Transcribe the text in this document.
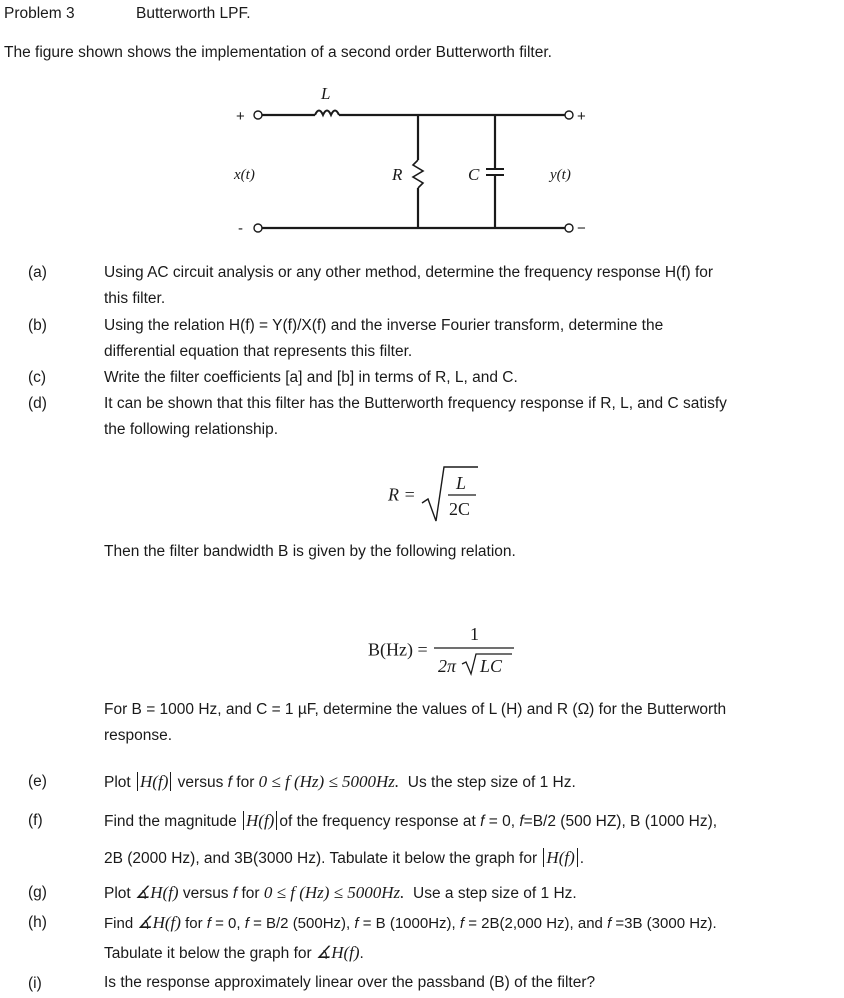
Problem 3	Butterworth LPF.
The figure shown shows the implementation of a second order Butterworth filter.
L
R	C
x(t)	y(t)
+	+
-	−
(a)	Using AC circuit analysis or any other method, determine the frequency response H(f) for
this filter.
(b)	Using the relation H(f) = Y(f)/X(f) and the inverse Fourier transform, determine the
differential equation that represents this filter.
(c)	Write the filter coefficients [a] and [b] in terms of R, L, and C.
(d)	It can be shown that this filter has the Butterworth frequency response if R, L, and C satisfy
the following relationship.
R =
L
2C
Then the filter bandwidth B is given by the following relation.
B(Hz) =
1
2π LC
For B = 1000 Hz, and C = 1 µF, determine the values of L (H) and R (Ω) for the Butterworth
response.
(e)	Plot H(f) versus f for 0 ≤ f (Hz) ≤ 5000Hz. Us the step size of 1 Hz.
(f)	Find the magnitude H(f) of the frequency response at f = 0, f=B/2 (500 HZ), B (1000 Hz),
2B (2000 Hz), and 3B(3000 Hz). Tabulate it below the graph for H(f) .
(g)	Plot ∡H(f) versus f for 0 ≤ f (Hz) ≤ 5000Hz. Use a step size of 1 Hz.
(h)	Find ∡H(f) for f = 0, f = B/2 (500Hz), f = B (1000Hz), f = 2B(2,000 Hz), and f =3B (3000 Hz).
Tabulate it below the graph for ∡H(f).
(i)	Is the response approximately linear over the passband (B) of the filter?
